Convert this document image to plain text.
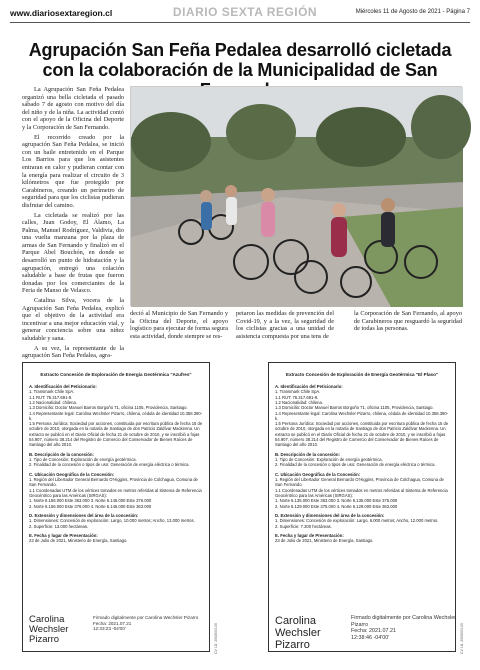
www.diariosextaregion.cl	DIARIO SEXTA REGIÓN	Miércoles 11 de Agosto de 2021 - Página 7
Agrupación San Feña Pedalea desarrolló cicletada con la colaboración de la Municipalidad de San

La Agrupación San Feña Pedalea organizó una bella cicletada el pasado sábado 7 de agosto con motivo del día del niño y de la niña. La actividad contó con el apoyo de la Oficina del Deporte y la Corporación de San Fernando.

El recorrido creado por la agrupación San Feña Pedalea, se inició con un baile entretenido en el Parque Los Barrios para que los asistentes entraran en calor y pudieran contar con la energía para realizar el circuito de 3 kilómetros que fue protegido por Carabineros, creando un perímetro de seguridad para que los ciclistas pudieran disfrutar del camino.

La cicletada se realizó por las calles, Juan Godoy, El Álamo, La Palma, Manuel Rodríguez, Valdivia, dio una vuelta manzana por la plaza de armas de San Fernando y finalizó en el Parque Abel Bouchón, en donde se desarrolló un punto de hidratación y la agrupación, entregó una colación saludable a base de frutas que fueron donadas por los comerciantes de la Feria de Manso de Velasco.

Catalina Silva, vocera de la Agrupación San Feña Pedalea, explicó que el objetivo de la actividad era incentivar a una mejor educación vial, y generar conciencia sobre una niñez saludable y sana.

A su vez, la representante de la agrupación San Feña Pedalea, agra-

deció al Municipio de San Fernando y la Oficina del Deporte, el apoyo logístico para ejecutar de forma segura esta actividad, donde siempre se res-
petaron las medidas de prevención del Covid-19, y a la vez, la seguridad de los ciclistas gracias a una unidad de asistencia compuesta por una tens de
la Corporación de San Fernando, al apoyo de Carabineros que resguardó la seguridad de todas las personas.
Extracto Concesión de Exploración de Energía Geotérmica "Azufres"
A. Identificación del Peticionario:
1. Transmark Chile SpA.
1.1 RUT: 76.317.691-9.
1.2 Nacionalidad: chilena.
1.3 Domicilio: Doctor Manuel Barros Borgoño 71, oficina 1105, Providencia, Santiago.
1.4 Representante legal: Carolina Wechsler Pizarro, chilena, cédula de identidad 10.358.390-k.
1.5 Persona Jurídica: Sociedad por acciones, constituida por escritura pública de fecha 15 de octubre de 2010, otorgada en la notaría de Santiago de don Patricio Zaldívar Mackenna. Un extracto se publicó en el Diario Oficial de fecha 21 de octubre de 2010, y se inscribió a fojas 54.907, número 38.214 del Registro de Comercio del Conservador de Bienes Raíces de Santiago del año 2010.
B. Descripción de la concesión:
1. Tipo de Concesión: Exploración de energía geotérmica.
2. Finalidad de la concesión o tipos de uso: Generación de energía eléctrica o térmica.
C. Ubicación Geográfica de la Concesión:
1. Región del Libertador General Bernardo O'Higgins, Provincia de Colchagua, Comuna de San Fernando.
1.1 Coordenadas UTM de los vértices tomados en metros referidas al Sistema de Referencia Geocéntrico para las Américas (SIRGAS):
1. Norte 6.156.000 Este 363.000 3. Norte 6.146.000 Este 376.000
2. Norte 6.156.000 Este 376.000 4. Norte 6.146.000 Este 363.000
D. Extensión y dimensiones del área de la concesión:
1. Dimensiones: Concesión de exploración: Largo, 10.000 metros; Ancho, 13.000 metros.
2. Superficie: 13.000 hectáreas.
E. Fecha y lugar de Presentación:
23 de Julio de 2021, Ministerio de Energía, Santiago.
Carolina Wechsler Pizarro
Firmado digitalmente por Carolina Wechsler Pizarro
Fecha: 2021.07.21
12:33:23 -04'00'	CV 1D: 2508003-06
Extracto Concesión de Exploración de Energía Geotérmica "El Plaso"
A. Identificación del Peticionario:
1. Transmark Chile SpA.
1.1 RUT: 76.317.691-9.
1.2 Nacionalidad: chilena.
1.3 Domicilio: Doctor Manuel Barros Borgoño 71, oficina 1105, Providencia, Santiago.
1.4 Representante legal: Carolina Wechsler Pizarro, chilena, cédula de identidad 10.358.390-k.
1.5 Persona Jurídica: Sociedad por acciones, constituida por escritura pública de fecha 15 de octubre de 2010, otorgada en la notaría de Santiago de don Patricio Zaldívar Mackenna. Un extracto se publicó en el Diario Oficial de fecha 21 de octubre de 2010, y se inscribió a fojas 54.907, número 38.214 del Registro de Comercio del Conservador de Bienes Raíces de Santiago del año 2010.
B. Descripción de la concesión:
1. Tipo de Concesión: Exploración de energía geotérmica.
2. Finalidad de la concesión o tipos de uso: Generación de energía eléctrica o térmica.
C. Ubicación Geográfica de la Concesión:
1. Región del Libertador General Bernardo O'Higgins, Provincia de Colchagua, Comuna de San Fernando.
1.1 Coordenadas UTM de los vértices tomados en metros referidas al Sistema de Referencia Geocéntrico para las Américas (SIRGAS):
1. Norte 6.135.000 Este 363.000 3. Norte 6.135.000 Este 375.000
2. Norte 6.129.000 Este 375.000 4. Norte 6.129.000 Este 363.000
D. Extensión y dimensiones del área de la concesión:
1. Dimensiones: Concesión de exploración: Largo, 6.000 metros; Ancho, 12.000 metros.
2. Superficie: 7.200 hectáreas.
E. Fecha y lugar de Presentación:
23 de Julio de 2021, Ministerio de Energía, Santiago.
Carolina Wechsler Pizarro
Firmado digitalmente por Carolina Wechsler Pizarro
Fecha: 2021.07.21
12:38:46 -04'00'	CV 1D: 2508003-05
